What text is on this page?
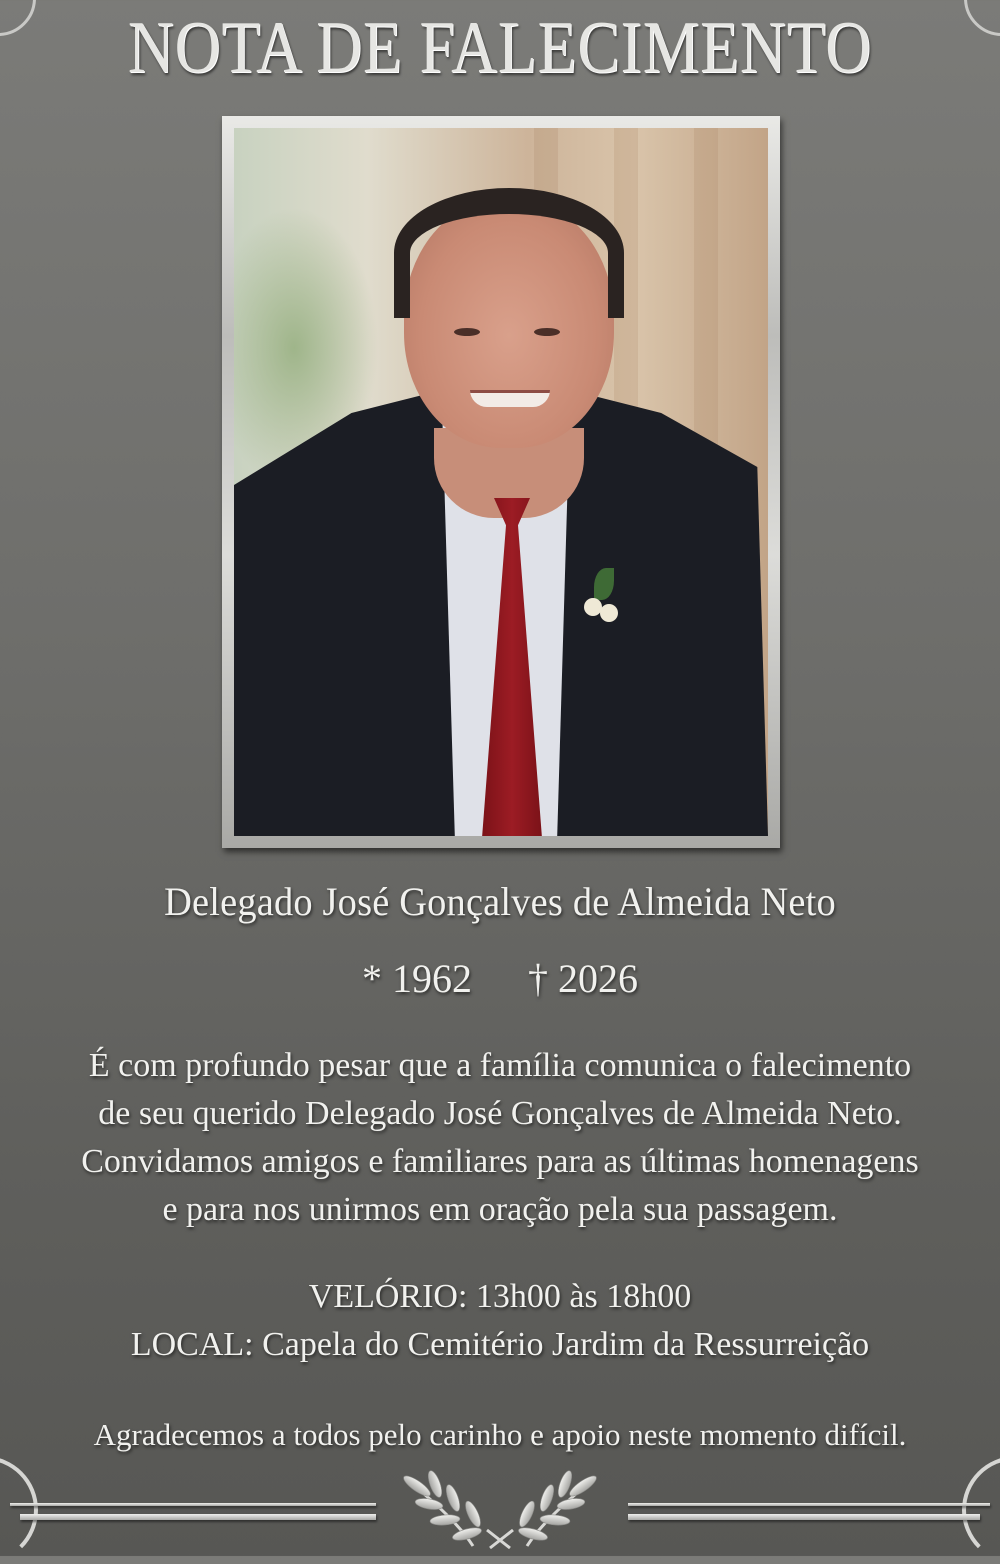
NOTA DE FALECIMENTO
Delegado José Gonçalves de Almeida Neto
* 1962 † 2026
É com profundo pesar que a família comunica o falecimento
de seu querido Delegado José Gonçalves de Almeida Neto.
Convidamos amigos e familiares para as últimas homenagens
e para nos unirmos em oração pela sua passagem.
VELÓRIO: 13h00 às 18h00
LOCAL: Capela do Cemitério Jardim da Ressurreição
Agradecemos a todos pelo carinho e apoio neste momento difícil.
